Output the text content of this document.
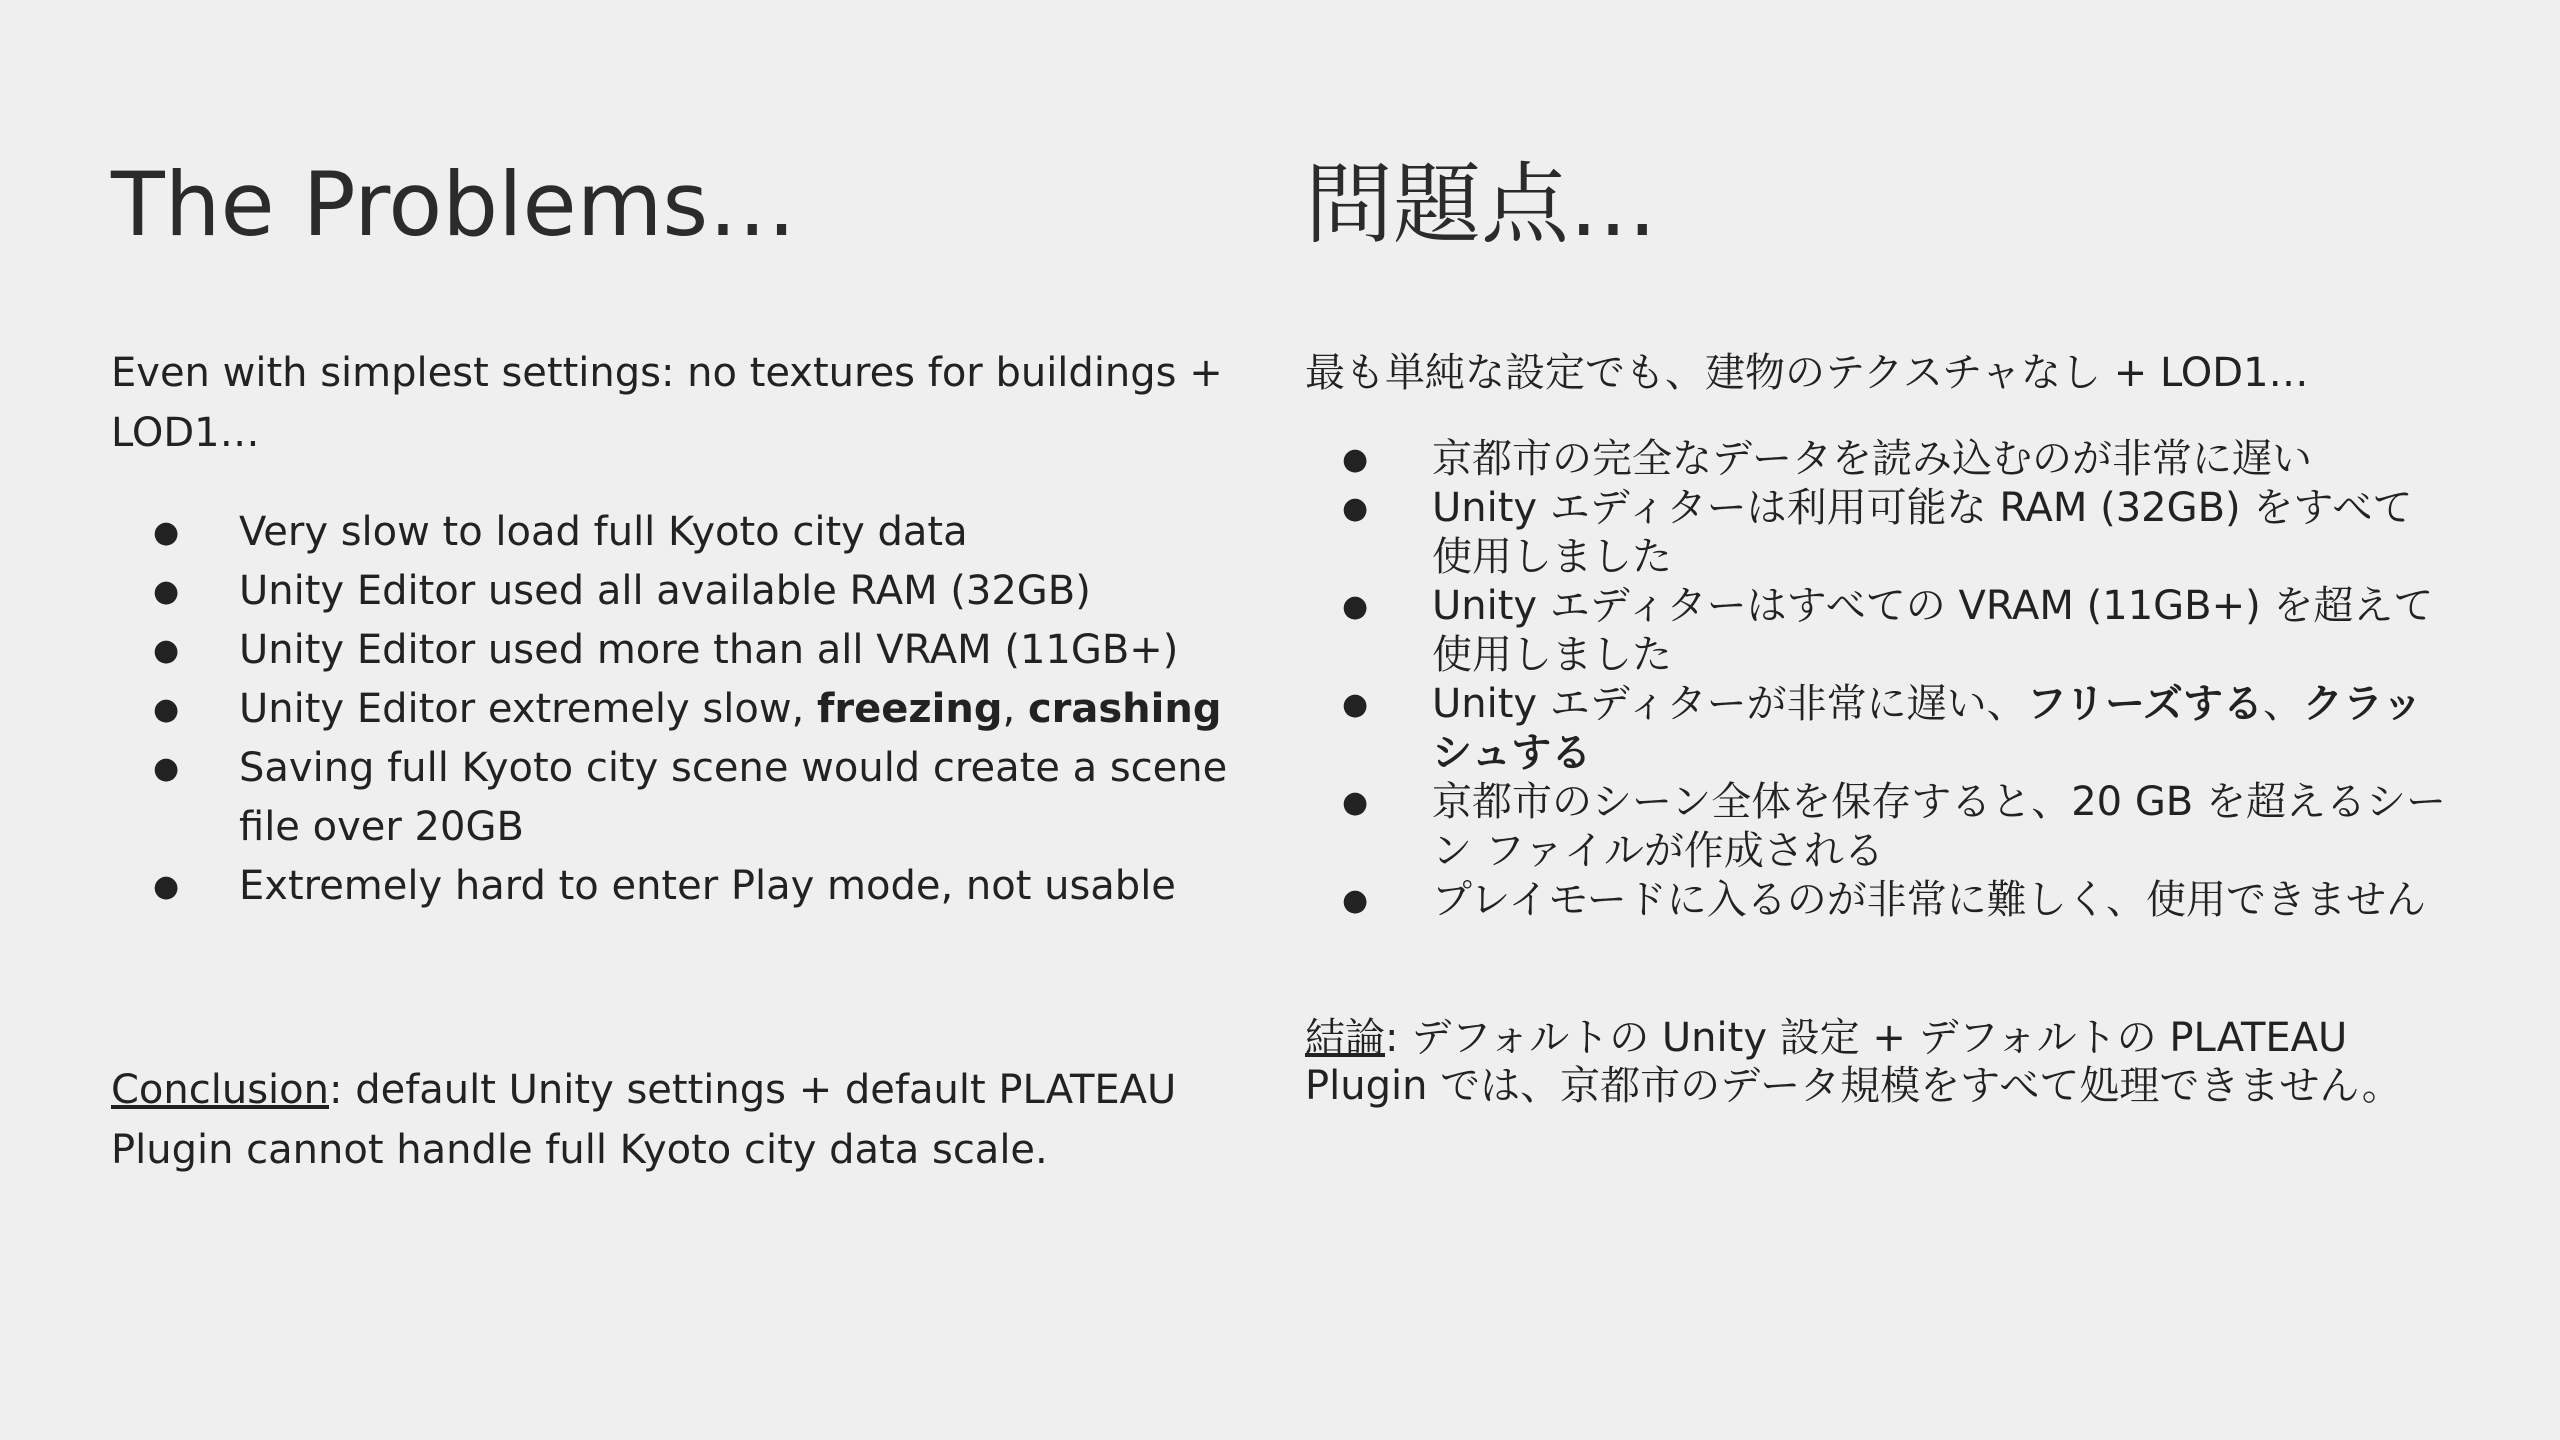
The Problems…

Even with simplest settings: no textures for buildings + LOD1…

● Very slow to load full Kyoto city data
● Unity Editor used all available RAM (32GB)
● Unity Editor used more than all VRAM (11GB+)
● Unity Editor extremely slow, freezing, crashing
● Saving full Kyoto city scene would create a scene file over 20GB
● Extremely hard to enter Play mode, not usable

Conclusion: default Unity settings + default PLATEAU Plugin cannot handle full Kyoto city data scale.

問題点…

最も単純な設定でも、建物のテクスチャなし + LOD1…

● 京都市の完全なデータを読み込むのが非常に遅い
● Unity エディターは利用可能な RAM (32GB) をすべて使用しました
● Unity エディターはすべての VRAM (11GB+) を超えて使用しました
● Unity エディターが非常に遅い、フリーズする、クラッシュする
● 京都市のシーン全体を保存すると、20 GB を超えるシーン ファイルが作成される
● プレイモードに入るのが非常に難しく、使用できません

結論: デフォルトの Unity 設定 + デフォルトの PLATEAU Plugin では、京都市のデータ規模をすべて処理できません。
